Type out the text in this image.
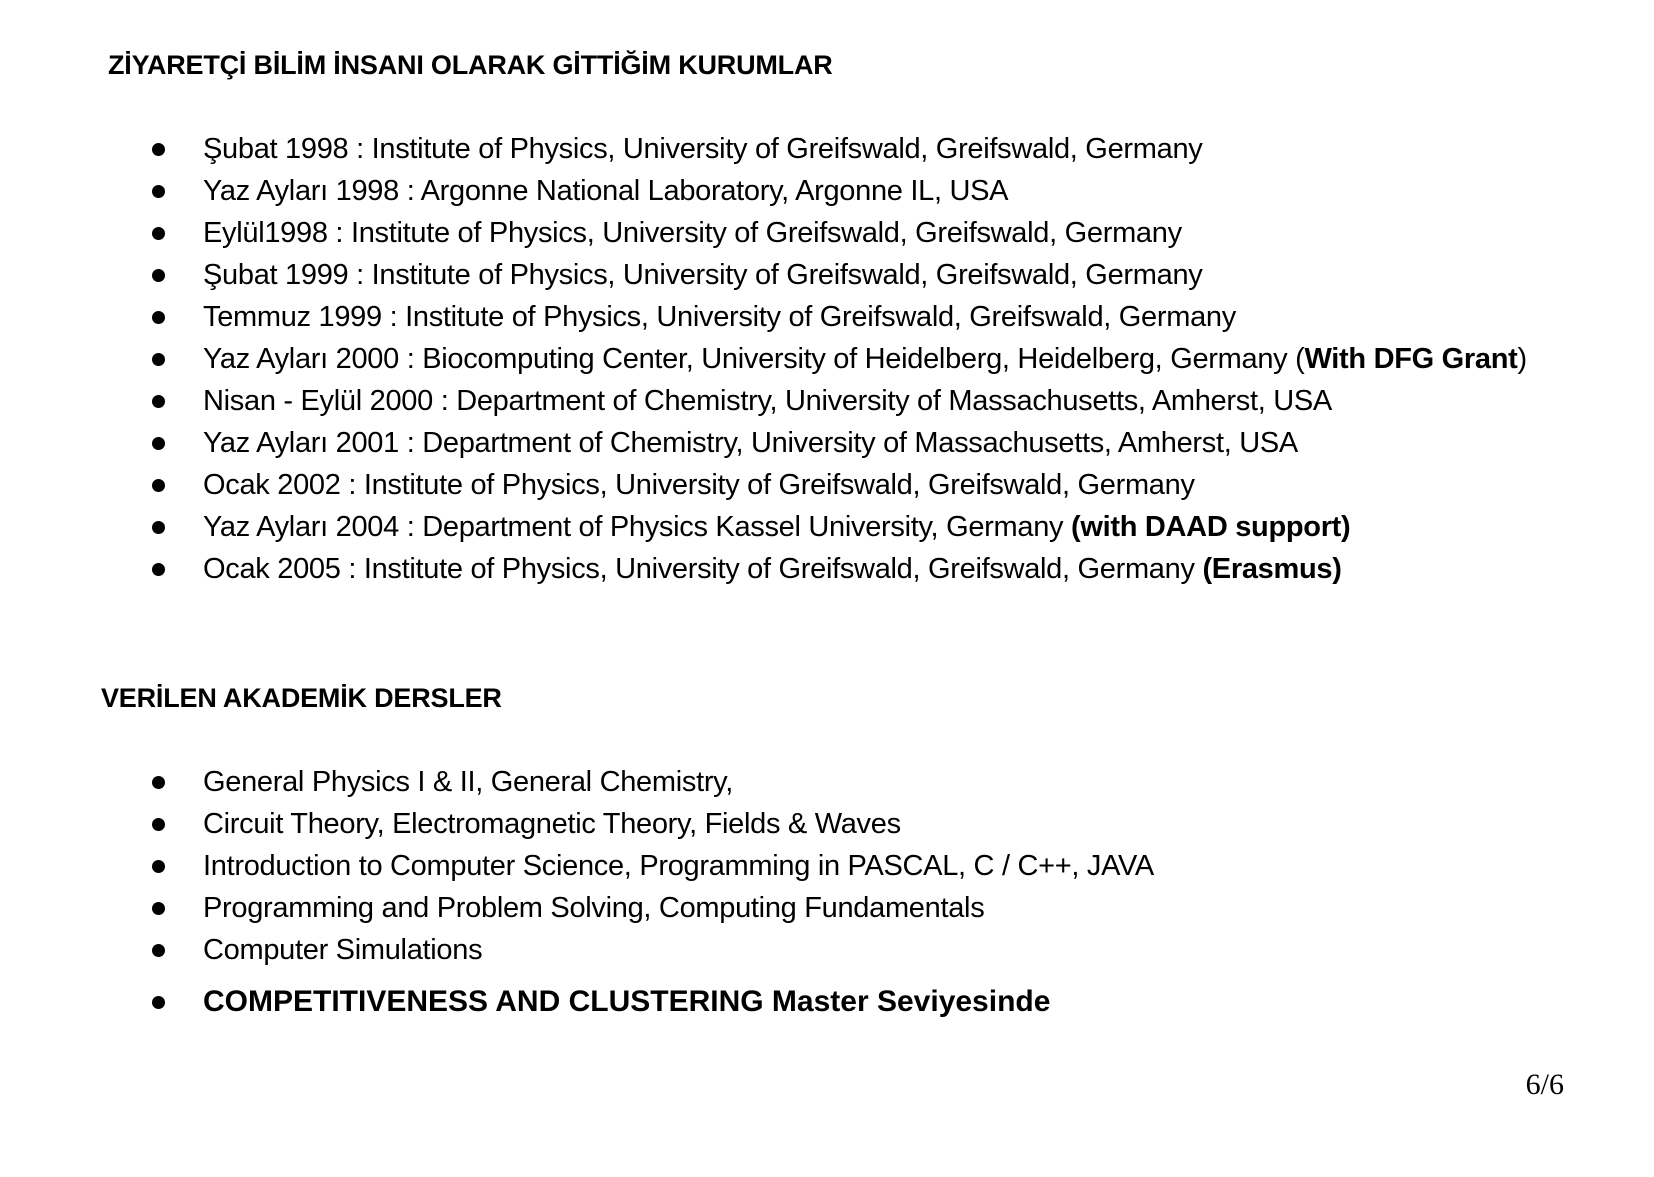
ZİYARETÇİ BİLİM İNSANI OLARAK GİTTİĞİM KURUMLAR
Şubat 1998 : Institute of Physics, University of Greifswald, Greifswald, Germany
Yaz Ayları 1998 : Argonne National Laboratory, Argonne IL, USA
Eylül1998 : Institute of Physics, University of Greifswald, Greifswald, Germany
Şubat 1999 : Institute of Physics, University of Greifswald, Greifswald, Germany
Temmuz 1999 : Institute of Physics, University of Greifswald, Greifswald, Germany
Yaz Ayları 2000 : Biocomputing Center, University of Heidelberg, Heidelberg, Germany (With DFG Grant)
Nisan - Eylül 2000 : Department of Chemistry, University of Massachusetts, Amherst, USA
Yaz Ayları 2001 : Department of Chemistry, University of Massachusetts, Amherst, USA
Ocak 2002 : Institute of Physics, University of Greifswald, Greifswald, Germany
Yaz Ayları 2004 : Department of Physics Kassel University, Germany (with DAAD support)
Ocak 2005 : Institute of Physics, University of Greifswald, Greifswald, Germany (Erasmus)
VERİLEN AKADEMİK DERSLER
General Physics I & II, General Chemistry,
Circuit Theory, Electromagnetic Theory, Fields & Waves
Introduction to Computer Science, Programming in PASCAL, C / C++, JAVA
Programming and Problem Solving, Computing Fundamentals
Computer Simulations
COMPETITIVENESS AND CLUSTERING Master Seviyesinde
6/6
